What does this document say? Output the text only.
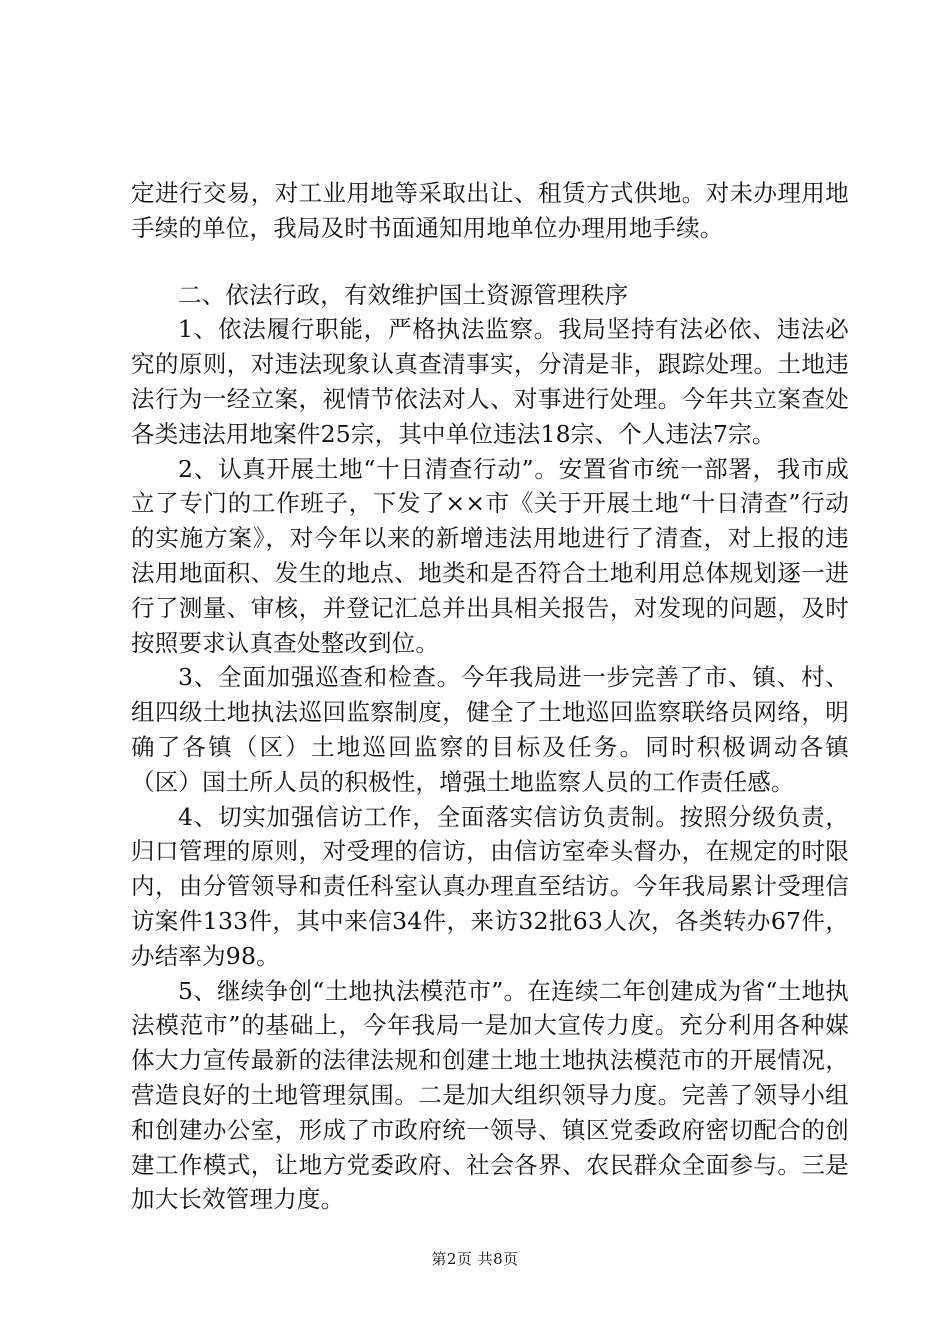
定进行交易，对工业用地等采取出让、租赁方式供地。对未办理用地手续的单位，我局及时书面通知用地单位办理用地手续。

二、依法行政，有效维护国土资源管理秩序

1、依法履行职能，严格执法监察。我局坚持有法必依、违法必究的原则，对违法现象认真查清事实，分清是非，跟踪处理。土地违法行为一经立案，视情节依法对人、对事进行处理。今年共立案查处各类违法用地案件25宗，其中单位违法18宗、个人违法7宗。

2、认真开展土地“十日清查行动”。安置省市统一部署，我市成立了专门的工作班子，下发了××市《关于开展土地“十日清查”行动的实施方案》，对今年以来的新增违法用地进行了清查，对上报的违法用地面积、发生的地点、地类和是否符合土地利用总体规划逐一进行了测量、审核，并登记汇总并出具相关报告，对发现的问题，及时按照要求认真查处整改到位。

3、全面加强巡查和检查。今年我局进一步完善了市、镇、村、组四级土地执法巡回监察制度，健全了土地巡回监察联络员网络，明确了各镇（区）土地巡回监察的目标及任务。同时积极调动各镇（区）国土所人员的积极性，增强土地监察人员的工作责任感。

4、切实加强信访工作，全面落实信访负责制。按照分级负责，归口管理的原则，对受理的信访，由信访室牵头督办，在规定的时限内，由分管领导和责任科室认真办理直至结访。今年我局累计受理信访案件133件，其中来信34件，来访32批63人次，各类转办67件，办结率为98。

5、继续争创“土地执法模范市”。在连续二年创建成为省“土地执法模范市”的基础上，今年我局一是加大宣传力度。充分利用各种媒体大力宣传最新的法律法规和创建土地土地执法模范市的开展情况，营造良好的土地管理氛围。二是加大组织领导力度。完善了领导小组和创建办公室，形成了市政府统一领导、镇区党委政府密切配合的创建工作模式，让地方党委政府、社会各界、农民群众全面参与。三是加大长效管理力度。

第2页 共8页
